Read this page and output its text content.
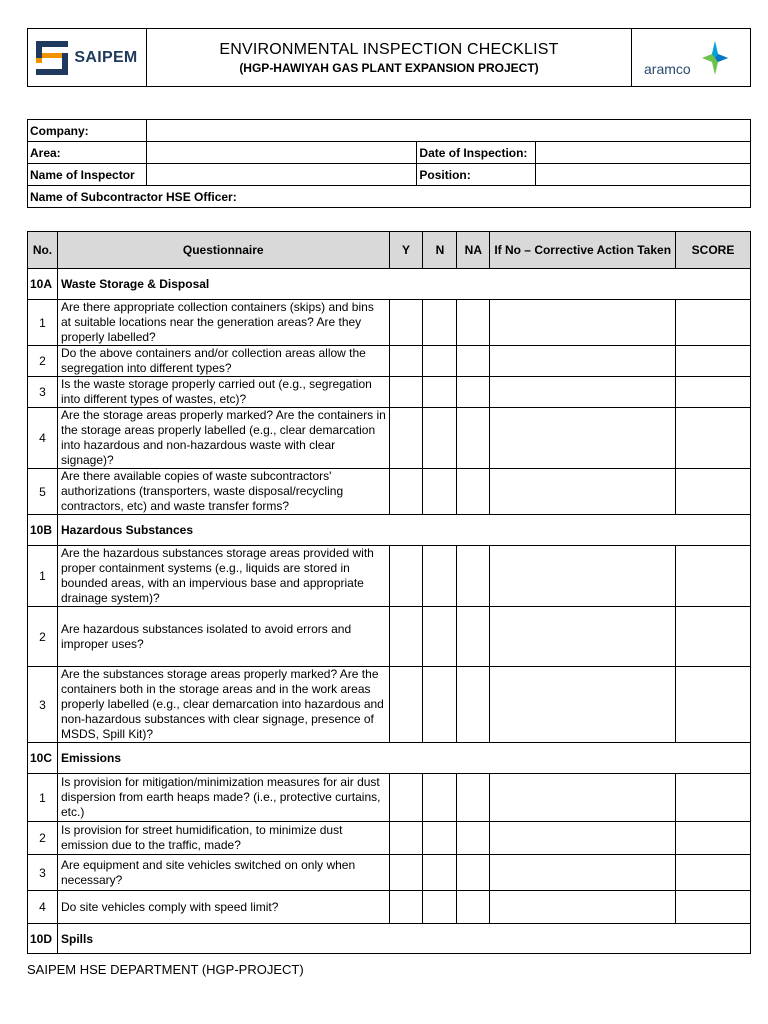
SAIPEM	ENVIRONMENTAL INSPECTION CHECKLIST
(HGP-HAWIYAH GAS PLANT EXPANSION PROJECT)	aramco
Company:			
Area:		Date of Inspection:	
Name of Inspector		Position:	
Name of Subcontractor HSE Officer:			
No.	Questionnaire	Y	N	NA	If No – Corrective Action Taken	SCORE
10A	Waste Storage & Disposal					
1	Are there appropriate collection containers (skips) and bins at suitable locations near the generation areas? Are they properly labelled?					
2	Do the above containers and/or collection areas allow the segregation into different types?					
3	Is the waste storage properly carried out (e.g., segregation into different types of wastes, etc)?					
4	Are the storage areas properly marked? Are the containers in the storage areas properly labelled (e.g., clear demarcation into hazardous and non-hazardous waste with clear signage)?					
5	Are there available copies of waste subcontractors' authorizations (transporters, waste disposal/recycling contractors, etc) and waste transfer forms?					
10B	Hazardous Substances					
1	Are the hazardous substances storage areas provided with proper containment systems (e.g., liquids are stored in bounded areas, with an impervious base and appropriate drainage system)?					
2	Are hazardous substances isolated to avoid errors and improper uses?					
3	Are the substances storage areas properly marked? Are the containers both in the storage areas and in the work areas properly labelled (e.g., clear demarcation into hazardous and non-hazardous substances with clear signage, presence of MSDS, Spill Kit)?					
10C	Emissions					
1	Is provision for mitigation/minimization measures for air dust dispersion from earth heaps made? (i.e., protective curtains, etc.)					
2	Is provision for street humidification, to minimize dust emission due to the traffic, made?					
3	Are equipment and site vehicles switched on only when necessary?					
4	Do site vehicles comply with speed limit?					
10D	Spills					
SAIPEM HSE DEPARTMENT (HGP-PROJECT)
